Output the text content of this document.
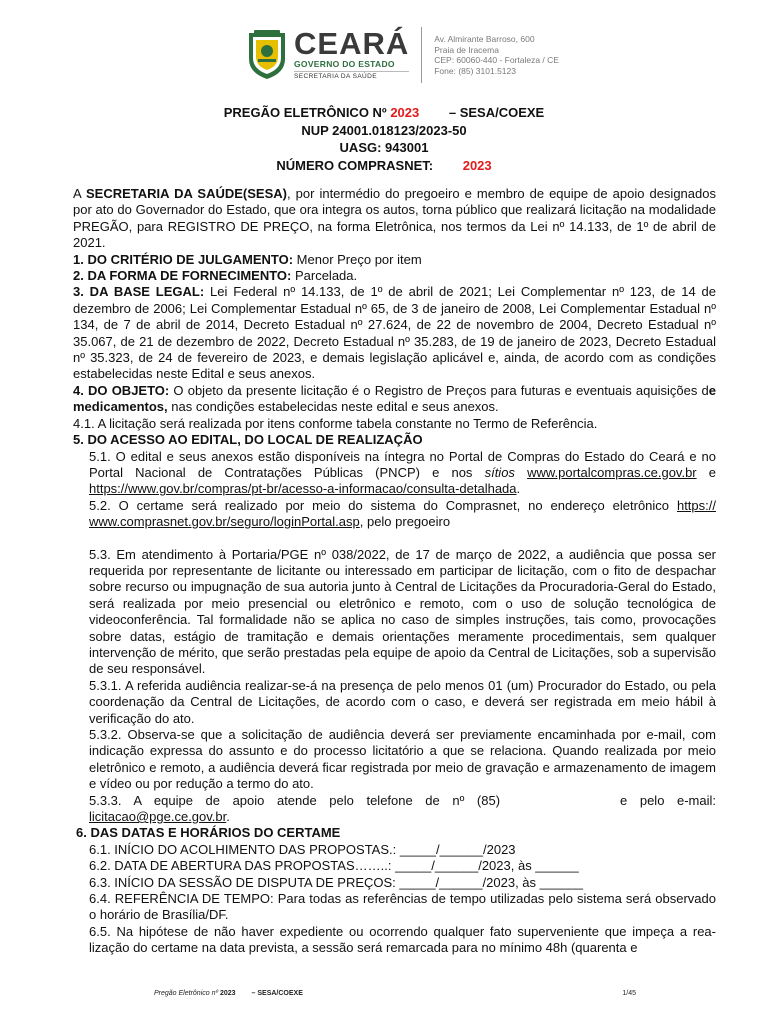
CEARÁ
GOVERNO DO ESTADO
SECRETARIA DA SAÚDE
Av. Almirante Barroso, 600
Praia de Iracema
CEP: 60060-440 - Fortaleza / CE
Fone: (85) 3101.5123
PREGÃO ELETRÔNICO Nº 2023 – SESA/COEXE
NUP 24001.018123/2023-50
UASG: 943001
NÚMERO COMPRASNET: 2023

A SECRETARIA DA SAÚDE(SESA), por intermédio do pregoeiro e membro de equipe de apoio designados por ato do Governador do Estado, que ora integra os autos, torna público que realizará licitação na modalidade PREGÃO, para REGISTRO DE PREÇO, na forma Eletrônica, nos termos da Lei nº 14.133, de 1º de abril de 2021.

1. DO CRITÉRIO DE JULGAMENTO: Menor Preço por item

2. DA FORMA DE FORNECIMENTO: Parcelada.

3. DA BASE LEGAL: Lei Federal nº 14.133, de 1º de abril de 2021; Lei Complementar nº 123, de 14 de dezembro de 2006; Lei Complementar Estadual nº 65, de 3 de janeiro de 2008, Lei Complementar Estadual nº 134, de 7 de abril de 2014, Decreto Estadual nº 27.624, de 22 de novembro de 2004, Decreto Estadual nº 35.067, de 21 de dezembro de 2022, Decreto Estadual nº 35.283, de 19 de janeiro de 2023, Decreto Estadual nº 35.323, de 24 de fevereiro de 2023, e demais legislação aplicável e, ainda, de acordo com as condições estabelecidas neste Edital e seus anexos.

4. DO OBJETO: O objeto da presente licitação é o Registro de Preços para futuras e eventuais aquisições de medicamentos, nas condições estabelecidas neste edital e seus anexos.

4.1. A licitação será realizada por itens conforme tabela constante no Termo de Referência.

5. DO ACESSO AO EDITAL, DO LOCAL DE REALIZAÇÃO

5.1. O edital e seus anexos estão disponíveis na íntegra no Portal de Compras do Estado do Ceará e no Portal Nacional de Contratações Públicas (PNCP) e nos sítios www.portalcompras.ce.gov.br e https://www.gov.br/compras/pt-br/acesso-a-informacao/consulta-detalhada.

5.2. O certame será realizado por meio do sistema do Comprasnet, no endereço eletrônico https:// www.comprasnet.gov.br/seguro/loginPortal.asp, pelo pregoeiro

5.3. Em atendimento à Portaria/PGE nº 038/2022, de 17 de março de 2022, a audiência que possa ser requerida por representante de licitante ou interessado em participar de licitação, com o fito de despachar sobre recurso ou impugnação de sua autoria junto à Central de Licitações da Procuradoria-Geral do Estado, será realizada por meio presencial ou eletrônico e remoto, com o uso de solução tecnológica de videoconferência. Tal formalidade não se aplica no caso de simples instruções, tais como, provocações sobre datas, estágio de tramitação e demais orientações meramente procedimentais, sem qualquer intervenção de mérito, que serão prestadas pela equipe de apoio da Central de Licitações, sob a supervisão de seu responsável.

5.3.1. A referida audiência realizar-se-á na presença de pelo menos 01 (um) Procurador do Estado, ou pela coordenação da Central de Licitações, de acordo com o caso, e deverá ser registrada em meio hábil à verificação do ato.

5.3.2. Observa-se que a solicitação de audiência deverá ser previamente encaminhada por e-mail, com indicação expressa do assunto e do processo licitatório a que se relaciona. Quando realizada por meio eletrônico e remoto, a audiência deverá ficar registrada por meio de gravação e armazenamento de imagem e vídeo ou por redução a termo do ato.

5.3.3. A equipe de apoio atende pelo telefone de nº (85)	e pelo e-mail: licitacao@pge.ce.gov.br.

6. DAS DATAS E HORÁRIOS DO CERTAME

6.1. INÍCIO DO ACOLHIMENTO DAS PROPOSTAS.: _____/______/2023

6.2. DATA DE ABERTURA DAS PROPOSTAS……..: _____/______/2023, às ______

6.3. INÍCIO DA SESSÃO DE DISPUTA DE PREÇOS: _____/______/2023, às ______

6.4. REFERÊNCIA DE TEMPO: Para todas as referências de tempo utilizadas pelo sistema será observado o horário de Brasília/DF.

6.5. Na hipótese de não haver expediente ou ocorrendo qualquer fato superveniente que impeça a rea-lização do certame na data prevista, a sessão será remarcada para no mínimo 48h (quarenta e

Pregão Eletrônico nº 2023 – SESA/COEXE	1/45
